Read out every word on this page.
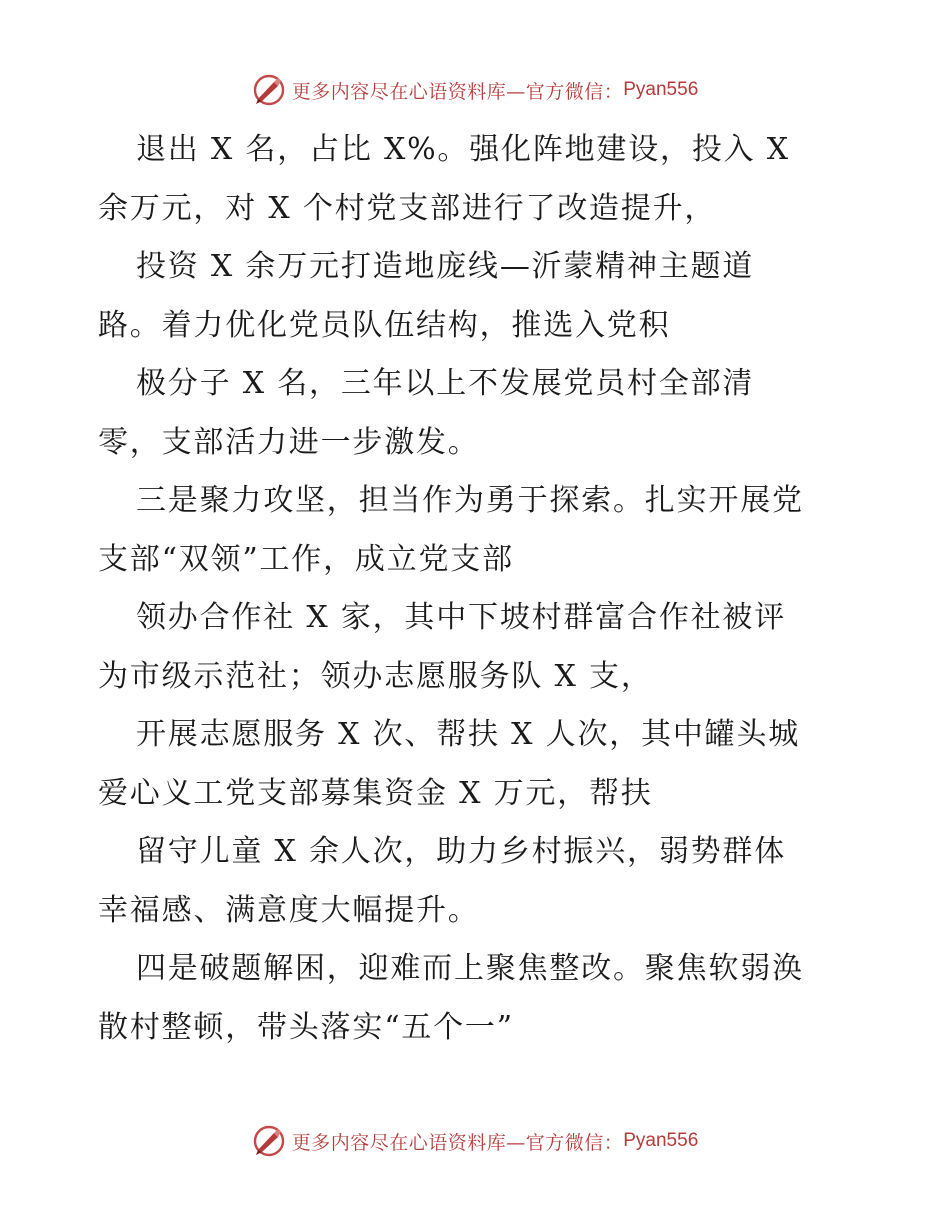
更多内容尽在心语资料库—官方微信： Pyan556
退出 X 名，占比 X%。强化阵地建设，投入 X
余万元，对 X 个村党支部进行了改造提升，
投资 X 余万元打造地庞线—沂蒙精神主题道
路。着力优化党员队伍结构，推选入党积
极分子 X 名，三年以上不发展党员村全部清
零，支部活力进一步激发。
三是聚力攻坚，担当作为勇于探索。扎实开展党
支部“双领”工作，成立党支部
领办合作社 X 家，其中下坡村群富合作社被评
为市级示范社；领办志愿服务队 X 支，
开展志愿服务 X 次、帮扶 X 人次，其中罐头城
爱心义工党支部募集资金 X 万元，帮扶
留守儿童 X 余人次，助力乡村振兴，弱势群体
幸福感、满意度大幅提升。
四是破题解困，迎难而上聚焦整改。聚焦软弱涣
散村整顿，带头落实“五个一”
更多内容尽在心语资料库—官方微信： Pyan556
